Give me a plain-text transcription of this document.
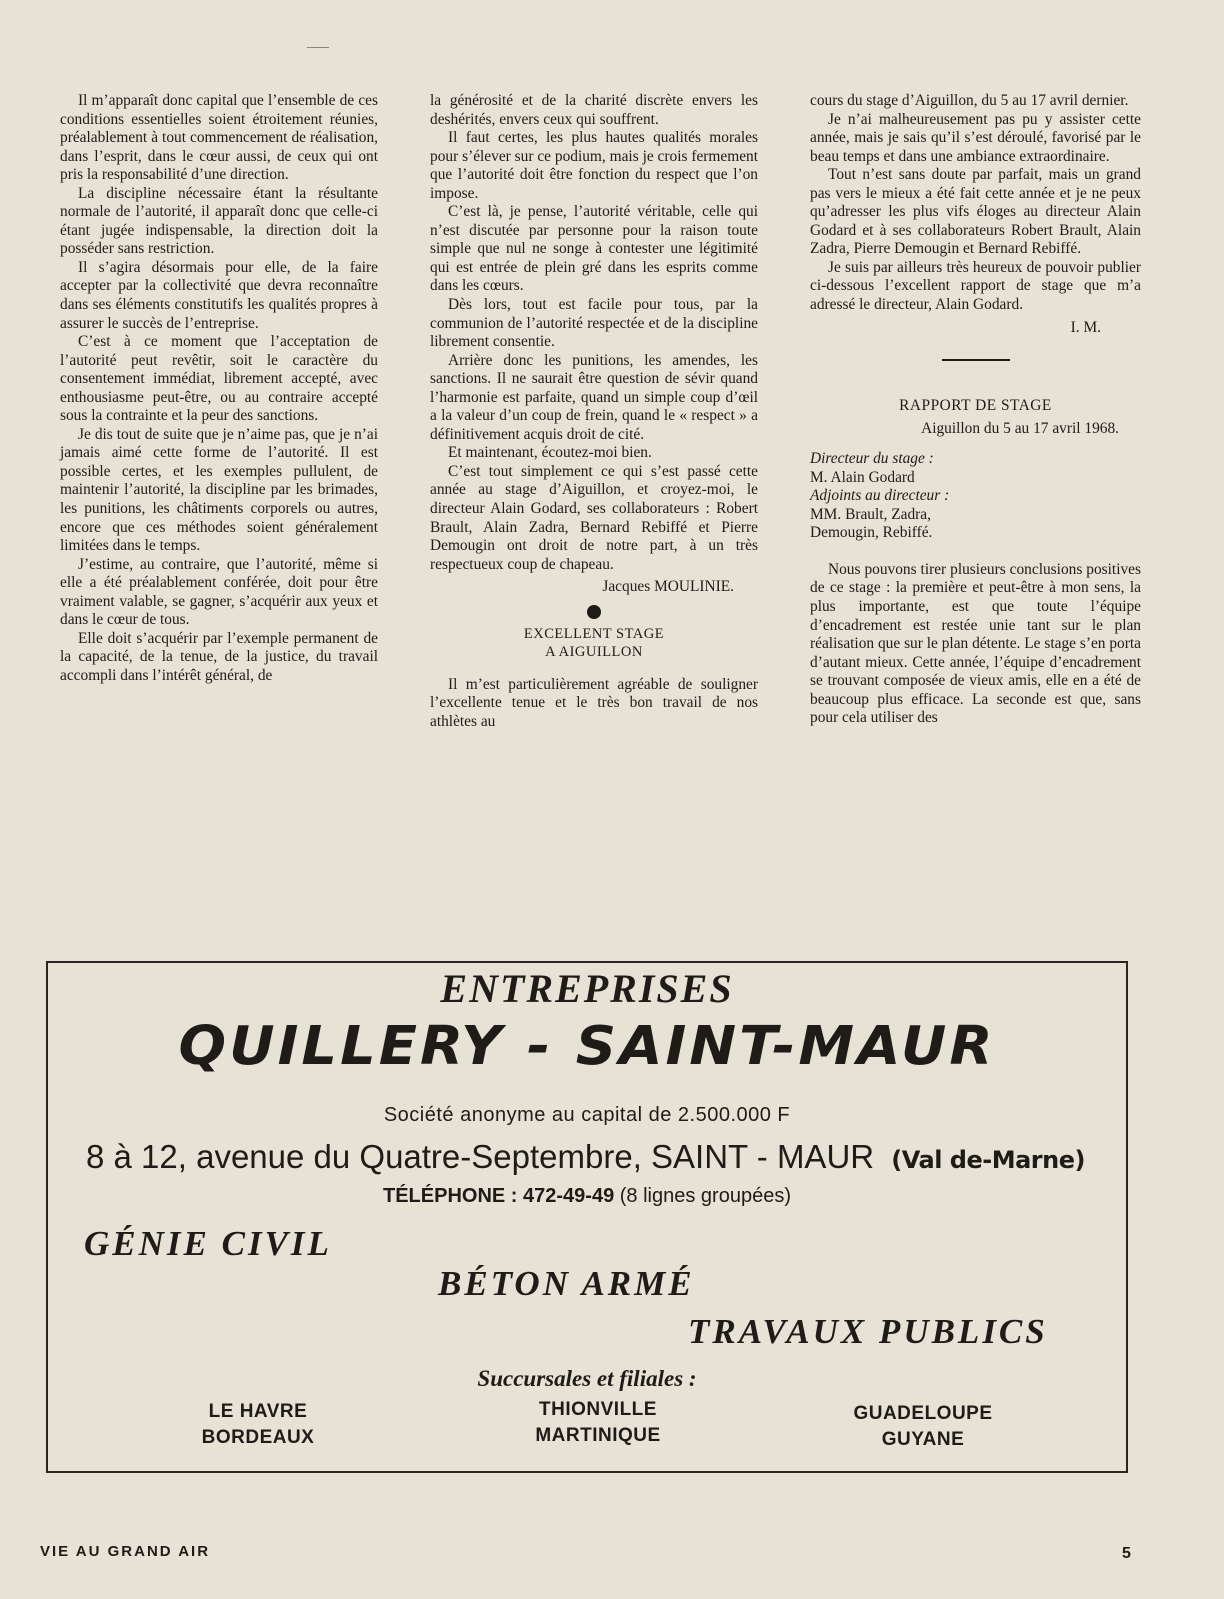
Il m’apparaît donc capital que l’ensemble de ces conditions essentielles soient étroitement réunies, préalablement à tout commencement de réalisation, dans l’esprit, dans le cœur aussi, de ceux qui ont pris la responsabilité d’une direction.

La discipline nécessaire étant la résultante normale de l’autorité, il apparaît donc que celle-ci étant jugée indispensable, la direction doit la posséder sans restriction.

Il s’agira désormais pour elle, de la faire accepter par la collectivité que devra reconnaître dans ses éléments constitutifs les qualités propres à assurer le succès de l’entreprise.

C’est à ce moment que l’acceptation de l’autorité peut revêtir, soit le caractère du consentement immédiat, librement accepté, avec enthousiasme peut-être, ou au contraire accepté sous la contrainte et la peur des sanctions.

Je dis tout de suite que je n’aime pas, que je n’ai jamais aimé cette forme de l’autorité. Il est possible certes, et les exemples pullulent, de maintenir l’autorité, la discipline par les brimades, les punitions, les châtiments corporels ou autres, encore que ces méthodes soient généralement limitées dans le temps.

J’estime, au contraire, que l’autorité, même si elle a été préalablement conférée, doit pour être vraiment valable, se gagner, s’acquérir aux yeux et dans le cœur de tous.

Elle doit s’acquérir par l’exemple permanent de la capacité, de la tenue, de la justice, du travail accompli dans l’intérêt général, de

la générosité et de la charité discrète envers les deshérités, envers ceux qui souffrent.

Il faut certes, les plus hautes qualités morales pour s’élever sur ce podium, mais je crois fermement que l’autorité doit être fonction du respect que l’on impose.

C’est là, je pense, l’autorité véritable, celle qui n’est discutée par personne pour la raison toute simple que nul ne songe à contester une légitimité qui est entrée de plein gré dans les esprits comme dans les cœurs.

Dès lors, tout est facile pour tous, par la communion de l’autorité respectée et de la discipline librement consentie.

Arrière donc les punitions, les amendes, les sanctions. Il ne saurait être question de sévir quand l’harmonie est parfaite, quand un simple coup d’œil a la valeur d’un coup de frein, quand le « respect » a définitivement acquis droit de cité.

Et maintenant, écoutez-moi bien.

C’est tout simplement ce qui s’est passé cette année au stage d’Aiguillon, et croyez-moi, le directeur Alain Godard, ses collaborateurs : Robert Brault, Alain Zadra, Bernard Rebiffé et Pierre Demougin ont droit de notre part, à un très respectueux coup de chapeau.

Jacques MOULINIE.

EXCELLENT STAGE

A AIGUILLON

Il m’est particulièrement agréable de souligner l’excellente tenue et le très bon travail de nos athlètes au

cours du stage d’Aiguillon, du 5 au 17 avril dernier.

Je n’ai malheureusement pas pu y assister cette année, mais je sais qu’il s’est déroulé, favorisé par le beau temps et dans une ambiance extraordinaire.

Tout n’est sans doute par parfait, mais un grand pas vers le mieux a été fait cette année et je ne peux qu’adresser les plus vifs éloges au directeur Alain Godard et à ses collaborateurs Robert Brault, Alain Zadra, Pierre Demougin et Bernard Rebiffé.

Je suis par ailleurs très heureux de pouvoir publier ci-dessous l’excellent rapport de stage que m’a adressé le directeur, Alain Godard.

I. M.

RAPPORT DE STAGE

Aiguillon du 5 au 17 avril 1968.

Directeur du stage :

M. Alain Godard

Adjoints au directeur :

MM. Brault, Zadra,

Demougin, Rebiffé.

Nous pouvons tirer plusieurs conclusions positives de ce stage : la première et peut-être à mon sens, la plus importante, est que toute l’équipe d’encadrement est restée unie tant sur le plan réalisation que sur le plan détente. Le stage s’en porta d’autant mieux. Cette année, l’équipe d’encadrement se trouvant composée de vieux amis, elle en a été de beaucoup plus efficace. La seconde est que, sans pour cela utiliser des

ENTREPRISES
QUILLERY - SAINT-MAUR
Société anonyme au capital de 2.500.000 F
8 à 12, avenue du Quatre-Septembre, SAINT - MAUR (Val de-Marne)
TÉLÉPHONE : 472-49-49 (8 lignes groupées)
GÉNIE CIVIL
BÉTON ARMÉ
TRAVAUX PUBLICS
Succursales et filiales :
LE HAVRE
BORDEAUX
THIONVILLE
MARTINIQUE
GUADELOUPE
GUYANE
VIE AU GRAND AIR	5
